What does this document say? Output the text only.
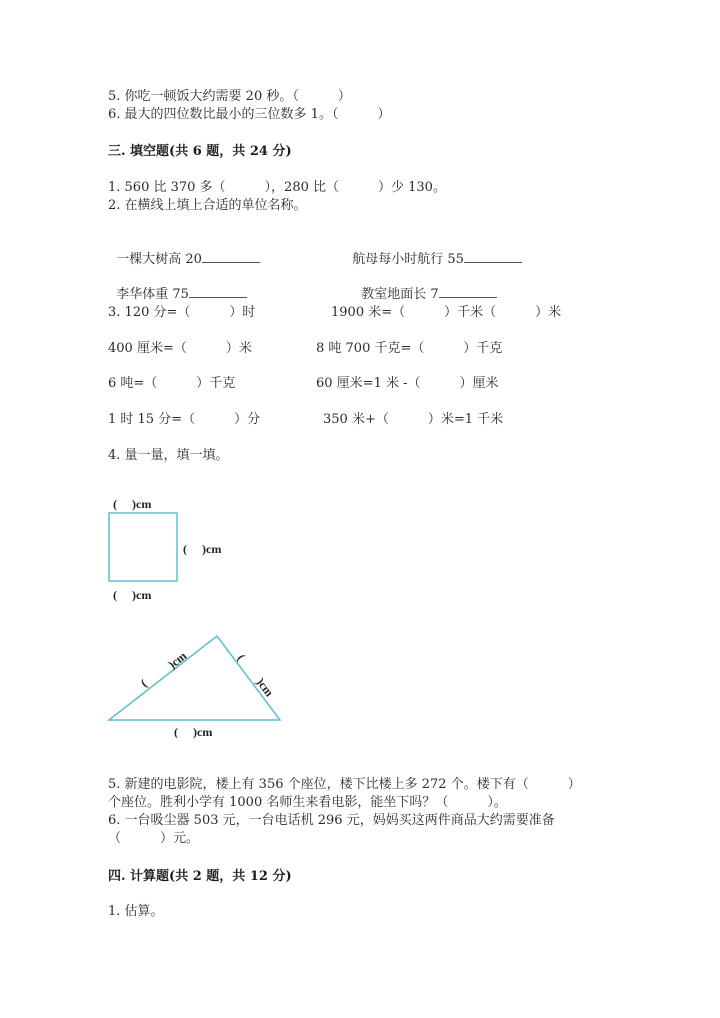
5. 你吃一顿饭大约需要 20 秒。（　　　）
6. 最大的四位数比最小的三位数多 1。（　　　）
三. 填空题(共 6 题，共 24 分)
1. 560 比 370 多（　　　），280 比（　　　）少 130。
2. 在横线上填上合适的单位名称。

一棵大树高 20	航母每小时航行 55

李华体重 75	教室地面长 7

3. 120 分=（　　　）时	1900 米=（　　　）千米（　　　）米
400 厘米=（　　　）米	8 吨 700 千克=（　　　）千克
6 吨=（　　　）千克	60 厘米=1 米 -（　　　）厘米
1 时 15 分=（　　　）分	350 米+（　　　）米=1 千米
4. 量一量，填一填。
(　 )cm
(　 )cm
(　 )cm
(
)cm	(
)cm
(　 )cm
5. 新建的电影院，楼上有 356 个座位，楼下比楼上多 272 个。楼下有（　　　）
个座位。胜利小学有 1000 名师生来看电影，能坐下吗？（　　　）。
6. 一台吸尘器 503 元，一台电话机 296 元，妈妈买这两件商品大约需要准备
（　　　）元。
四. 计算题(共 2 题，共 12 分)
1. 估算。
